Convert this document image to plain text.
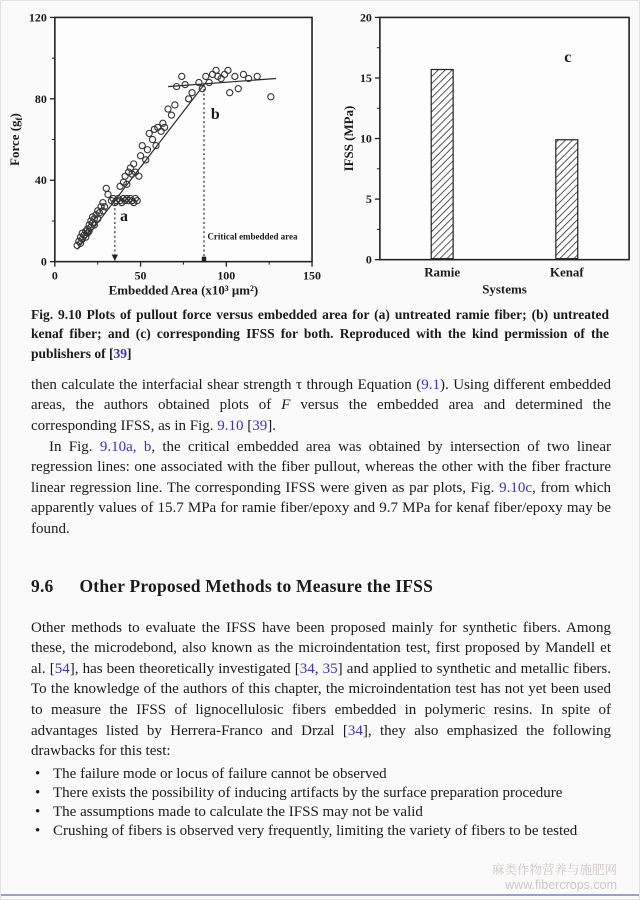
0
40
80
120
0	50	100	150
a
b
Critical embedded area
Embedded Area (x10³ μm²)
Force $(g_f)$
0
5
10
15
20
Ramie	Kenaf
c
Systems
IFSS (MPa)

Fig. 9.10 Plots of pullout force versus embedded area for (a) untreated ramie fiber; (b) untreated kenaf fiber; and (c) corresponding IFSS for both. Reproduced with the kind permission of the publishers of [39]

then calculate the interfacial shear strength τ through Equation (9.1). Using different embedded areas, the authors obtained plots of F versus the embedded area and determined the corresponding IFSS, as in Fig. 9.10 [39].

In Fig. 9.10a, b, the critical embedded area was obtained by intersection of two linear regression lines: one associated with the fiber pullout, whereas the other with the fiber fracture linear regression line. The corresponding IFSS were given as par plots, Fig. 9.10c, from which apparently values of 15.7 MPa for ramie fiber/epoxy and 9.7 MPa for kenaf fiber/epoxy may be found.

9.6 Other Proposed Methods to Measure the IFSS

Other methods to evaluate the IFSS have been proposed mainly for synthetic fibers. Among these, the microdebond, also known as the microindentation test, first proposed by Mandell et al. [54], has been theoretically investigated [34, 35] and applied to synthetic and metallic fibers. To the knowledge of the authors of this chapter, the microindentation test has not yet been used to measure the IFSS of lignocellulosic fibers embedded in polymeric resins. In spite of advantages listed by Herrera-Franco and Drzal [34], they also emphasized the following drawbacks for this test:

• The failure mode or locus of failure cannot be observed
• There exists the possibility of inducing artifacts by the surface preparation procedure
• The assumptions made to calculate the IFSS may not be valid
• Crushing of fibers is observed very frequently, limiting the variety of fibers to be tested
麻类作物营养与施肥网
www.fibercrops.com
